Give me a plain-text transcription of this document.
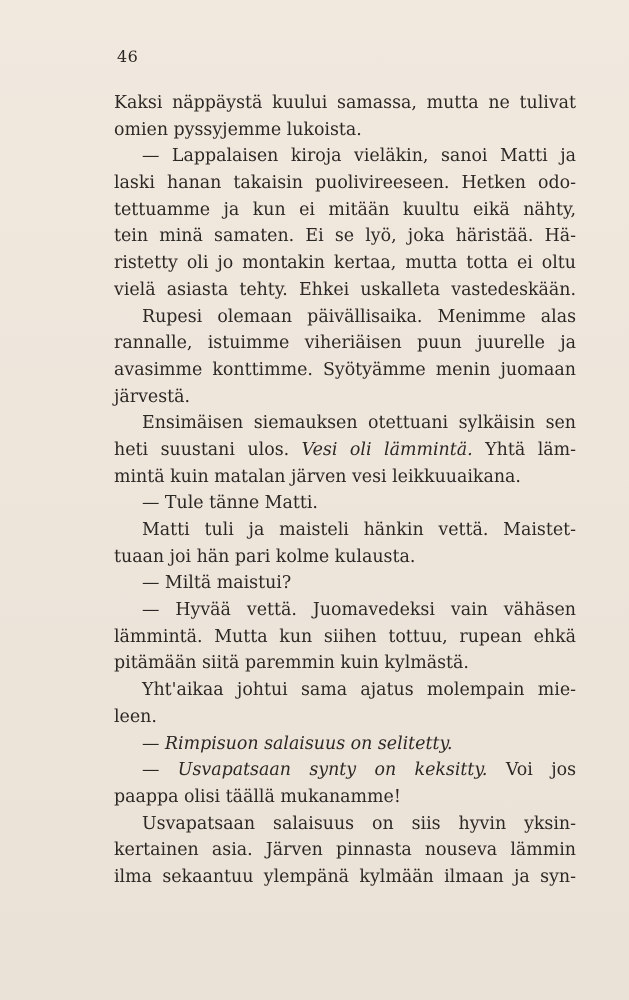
46
Kaksi näppäystä kuului samassa, mutta ne tulivat
omien pyssyjemme lukoista.
— Lappalaisen kiroja vieläkin, sanoi Matti ja
laski hanan takaisin puolivireeseen. Hetken odo-
tettuamme ja kun ei mitään kuultu eikä nähty,
tein minä samaten. Ei se lyö, joka häristää. Hä-
ristetty oli jo montakin kertaa, mutta totta ei oltu
vielä asiasta tehty. Ehkei uskalleta vastedeskään.
Rupesi olemaan päivällisaika. Menimme alas
rannalle, istuimme viheriäisen puun juurelle ja
avasimme konttimme. Syötyämme menin juomaan
järvestä.
Ensimäisen siemauksen otettuani sylkäisin sen
heti suustani ulos. Vesi oli lämmintä. Yhtä läm-
mintä kuin matalan järven vesi leikkuuaikana.
— Tule tänne Matti.
Matti tuli ja maisteli hänkin vettä. Maistet-
tuaan joi hän pari kolme kulausta.
— Miltä maistui?
— Hyvää vettä. Juomavedeksi vain vähäsen
lämmintä. Mutta kun siihen tottuu, rupean ehkä
pitämään siitä paremmin kuin kylmästä.
Yht'aikaa johtui sama ajatus molempain mie-
leen.
— Rimpisuon salaisuus on selitetty.
— Usvapatsaan synty on keksitty. Voi jos
paappa olisi täällä mukanamme!
Usvapatsaan salaisuus on siis hyvin yksin-
kertainen asia. Järven pinnasta nouseva lämmin
ilma sekaantuu ylempänä kylmään ilmaan ja syn-
